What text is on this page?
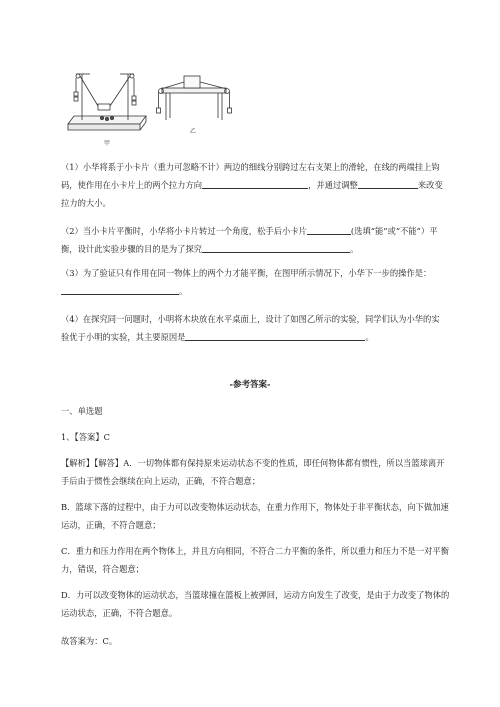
甲
乙

（1）小华将系于小卡片（重力可忽略不计）两边的细线分别跨过左右支架上的滑轮，在线的两端挂上钩码，使作用在小卡片上的两个拉力方向	，并通过调整	来改变拉力的大小。

（2）当小卡片平衡时，小华将小卡片转过一个角度，松手后小卡片	(选填“能”或“不能”）平衡，设计此实验步骤的目的是为了探究	。

（3）为了验证只有作用在同一物体上的两个力才能平衡，在图甲所示情况下，小华下一步的操作是：。

（4）在探究同一问题时，小明将木块放在水平桌面上，设计了如图乙所示的实验，同学们认为小华的实验优于小明的实验，其主要原因是	。

-参考答案-
一、单选题
1、【答案】C
【解析】【解答】A．一切物体都有保持原来运动状态不变的性质，即任何物体都有惯性，所以当篮球离开手后由于惯性会继续在向上运动，正确，不符合题意；
B．篮球下落的过程中，由于力可以改变物体运动状态，在重力作用下，物体处于非平衡状态，向下做加速运动，正确，不符合题意；
C．重力和压力作用在两个物体上，并且方向相同，不符合二力平衡的条件，所以重力和压力不是一对平衡力，错误，符合题意；
D．力可以改变物体的运动状态，当篮球撞在篮板上被弹回，运动方向发生了改变，是由于力改变了物体的运动状态，正确，不符合题意。
故答案为：C。
